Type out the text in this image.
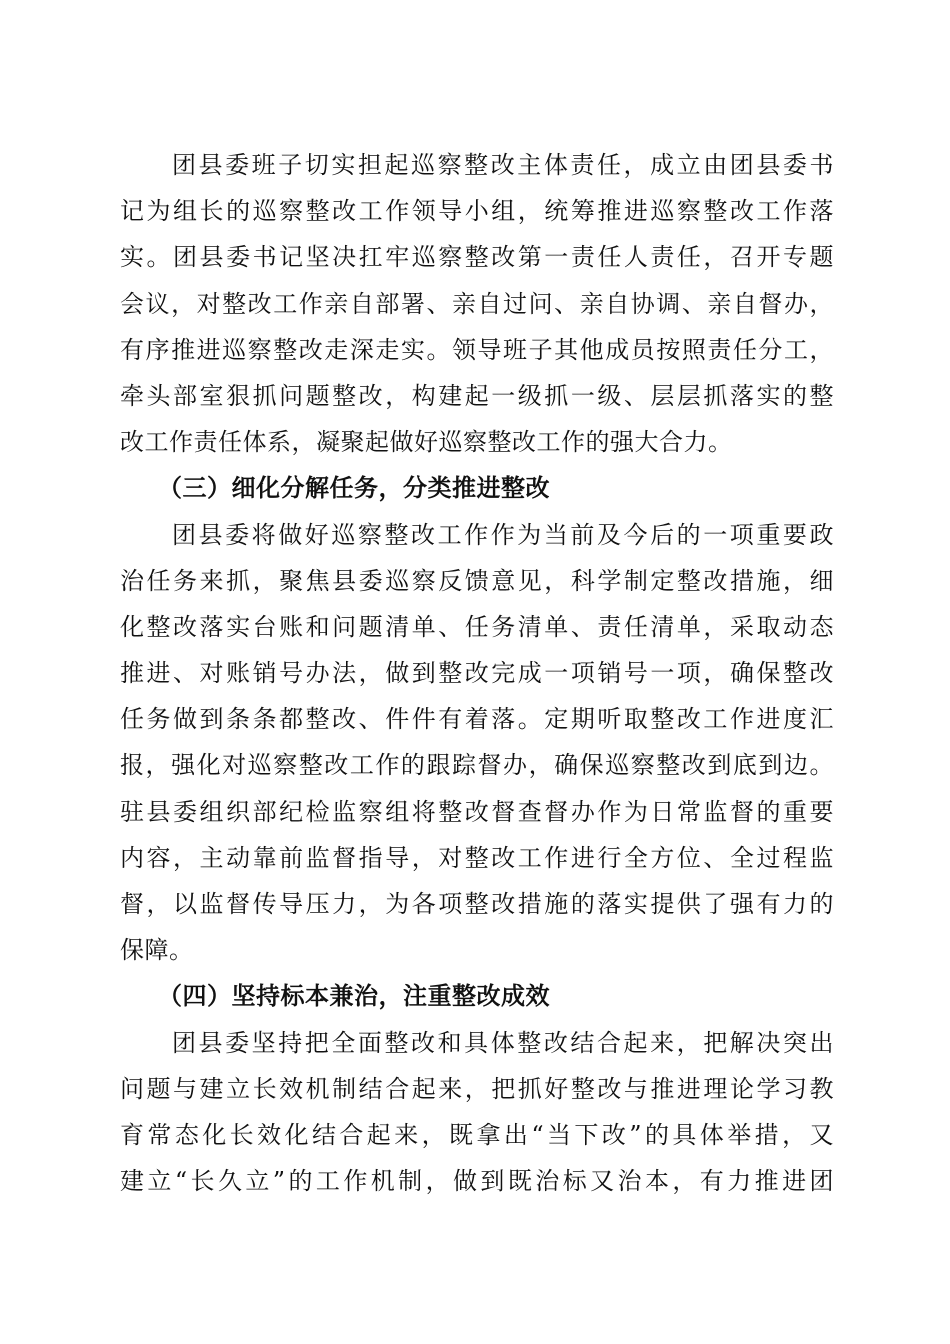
团县委班子切实担起巡察整改主体责任，成立由团县委书
记为组长的巡察整改工作领导小组，统筹推进巡察整改工作落
实。团县委书记坚决扛牢巡察整改第一责任人责任，召开专题
会议，对整改工作亲自部署、亲自过问、亲自协调、亲自督办，
有序推进巡察整改走深走实。领导班子其他成员按照责任分工，
牵头部室狠抓问题整改，构建起一级抓一级、层层抓落实的整
改工作责任体系，凝聚起做好巡察整改工作的强大合力。
（三）细化分解任务，分类推进整改
团县委将做好巡察整改工作作为当前及今后的一项重要政
治任务来抓，聚焦县委巡察反馈意见，科学制定整改措施，细
化整改落实台账和问题清单、任务清单、责任清单，采取动态
推进、对账销号办法，做到整改完成一项销号一项，确保整改
任务做到条条都整改、件件有着落。定期听取整改工作进度汇
报，强化对巡察整改工作的跟踪督办，确保巡察整改到底到边。
驻县委组织部纪检监察组将整改督查督办作为日常监督的重要
内容，主动靠前监督指导，对整改工作进行全方位、全过程监
督，以监督传导压力，为各项整改措施的落实提供了强有力的
保障。
（四）坚持标本兼治，注重整改成效
团县委坚持把全面整改和具体整改结合起来，把解决突出
问题与建立长效机制结合起来，把抓好整改与推进理论学习教
育常态化长效化结合起来，既拿出“当下改”的具体举措，又
建立“长久立”的工作机制，做到既治标又治本，有力推进团
